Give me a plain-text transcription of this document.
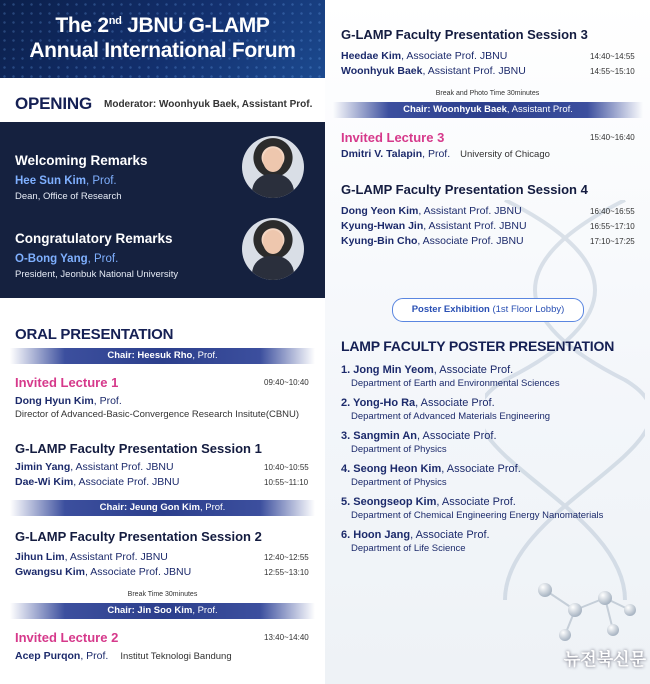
The 2nd JBNU G-LAMP
Annual International Forum
OPENING Moderator: Woonhyuk Baek, Assistant Prof.
Welcoming Remarks
Hee Sun Kim, Prof.
Dean, Office of Research
Congratulatory Remarks
O-Bong Yang, Prof.
President, Jeonbuk National University
ORAL PRESENTATION
Chair: Heesuk Rho, Prof.
Invited Lecture 1	09:40~10:40
Dong Hyun Kim, Prof.
Director of Advanced-Basic-Convergence Research Insitute(CBNU)
G-LAMP Faculty Presentation Session 1
Jimin Yang, Assistant Prof. JBNU	10:40~10:55
Dae-Wi Kim, Associate Prof. JBNU	10:55~11:10
Chair: Jeung Gon Kim, Prof.
G-LAMP Faculty Presentation Session 2
Jihun Lim, Assistant Prof. JBNU	12:40~12:55
Gwangsu Kim, Associate Prof. JBNU	12:55~13:10
Break Time 30minutes
Chair: Jin Soo Kim, Prof.
Invited Lecture 2	13:40~14:40
Acep Purqon, Prof. Institut Teknologi Bandung
G-LAMP Faculty Presentation Session 3
Heedae Kim, Associate Prof. JBNU	14:40~14:55
Woonhyuk Baek, Assistant Prof. JBNU	14:55~15:10
Break and Photo Time 30minutes
Chair: Woonhyuk Baek, Assistant Prof.
Invited Lecture 3	15:40~16:40
Dmitri V. Talapin, Prof. University of Chicago
G-LAMP Faculty Presentation Session 4
Dong Yeon Kim, Assistant Prof. JBNU	16:40~16:55
Kyung-Hwan Jin, Assistant Prof. JBNU	16:55~17:10
Kyung-Bin Cho, Associate Prof. JBNU	17:10~17:25
Poster Exhibition (1st Floor Lobby)
LAMP FACULTY POSTER PRESENTATION
1. Jong Min Yeom, Associate Prof.
Department of Earth and Environmental Sciences
2. Yong-Ho Ra, Associate Prof.
Department of Advanced Materials Engineering
3. Sangmin An, Associate Prof.
Department of Physics
4. Seong Heon Kim, Associate Prof.
Department of Physics
5. Seongseop Kim, Associate Prof.
Department of Chemical Engineering Energy Nanomaterials
6. Hoon Jang, Associate Prof.
Department of Life Science
뉴전북신문
